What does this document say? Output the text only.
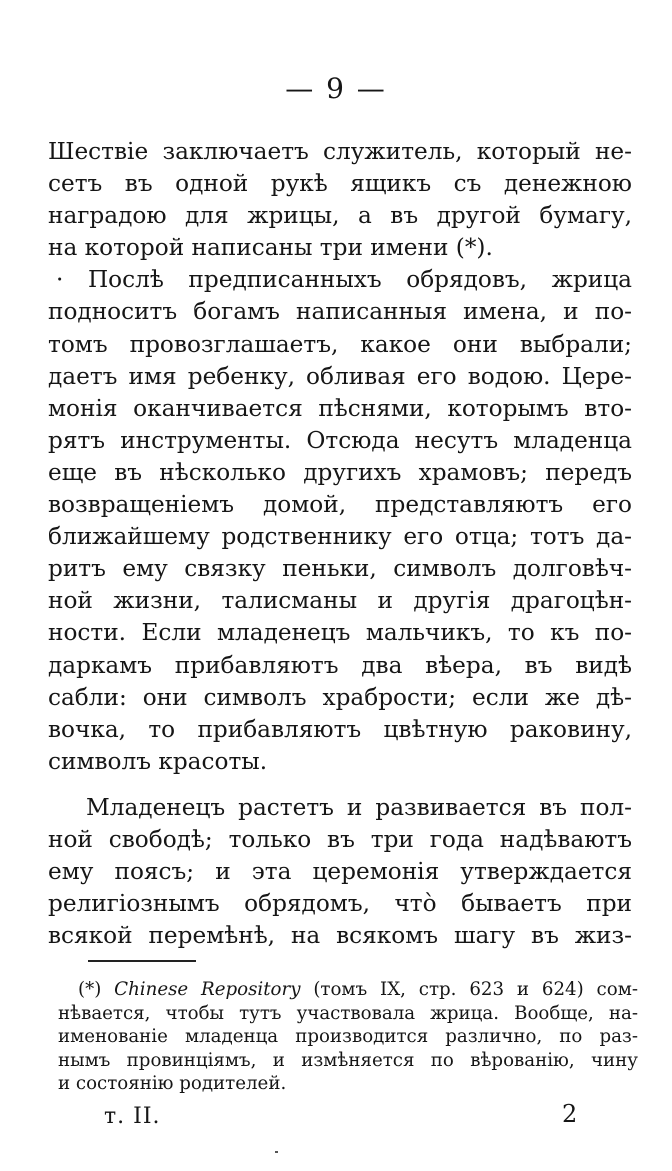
— 9 —
Шествіе заключаетъ служитель, который не-
сетъ въ одной рукѣ ящикъ съ денежною
наградою для жрицы, а въ другой бумагу,
на которой написаны три имени (*).
· Послѣ предписанныхъ обрядовъ, жрица
подноситъ богамъ написанныя имена, и по-
томъ провозглашаетъ, какое они выбрали;
даетъ имя ребенку, обливая его водою. Цере-
монія оканчивается пѣснями, которымъ вто-
рятъ инструменты. Отсюда несутъ младенца
еще въ нѣсколько другихъ храмовъ; передъ
возвращеніемъ домой, представляютъ его
ближайшему родственнику его отца; тотъ да-
ритъ ему связку пеньки, символъ долговѣч-
ной жизни, талисманы и другія драгоцѣн-
ности. Если младенецъ мальчикъ, то къ по-
даркамъ прибавляютъ два вѣера, въ видѣ
сабли: они символъ храбрости; если же дѣ-
вочка, то прибавляютъ цвѣтную раковину,
символъ красоты.
Младенецъ растетъ и развивается въ пол-
ной свободѣ; только въ три года надѣваютъ
ему поясъ; и эта церемонія утверждается
религіознымъ обрядомъ, что̀ бываетъ при
всякой перемѣнѣ, на всякомъ шагу въ жиз-
(*) Chinese Repository (томъ IX, стр. 623 и 624) сом-
нѣвается, чтобы тутъ участвовала жрица. Вообще, на-
именованіе младенца производится различно, по раз-
нымъ провинціямъ, и измѣняется по вѣрованію, чину
и состоянію родителей.
т. II.	2
